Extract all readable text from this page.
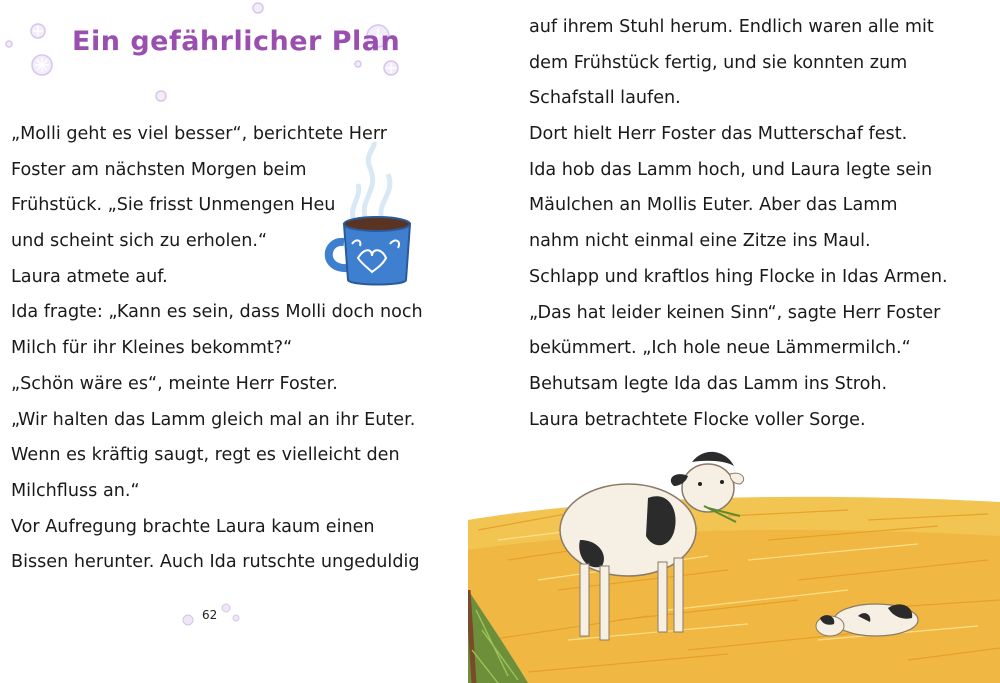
Ein gefährlicher Plan
„Molli geht es viel besser“, berichtete Herr
Foster am nächsten Morgen beim
Frühstück. „Sie frisst Unmengen Heu
und scheint sich zu erholen.“
Laura atmete auf.
Ida fragte: „Kann es sein, dass Molli doch noch
Milch für ihr Kleines bekommt?“
„Schön wäre es“, meinte Herr Foster.
„Wir halten das Lamm gleich mal an ihr Euter.
Wenn es kräftig saugt, regt es vielleicht den
Milchfluss an.“
Vor Aufregung brachte Laura kaum einen
Bissen herunter. Auch Ida rutschte ungeduldig
62
auf ihrem Stuhl herum. Endlich waren alle mit
dem Frühstück fertig, und sie konnten zum
Schafstall laufen.
Dort hielt Herr Foster das Mutterschaf fest.
Ida hob das Lamm hoch, und Laura legte sein
Mäulchen an Mollis Euter. Aber das Lamm
nahm nicht einmal eine Zitze ins Maul.
Schlapp und kraftlos hing Flocke in Idas Armen.
„Das hat leider keinen Sinn“, sagte Herr Foster
bekümmert. „Ich hole neue Lämmermilch.“
Behutsam legte Ida das Lamm ins Stroh.
Laura betrachtete Flocke voller Sorge.
